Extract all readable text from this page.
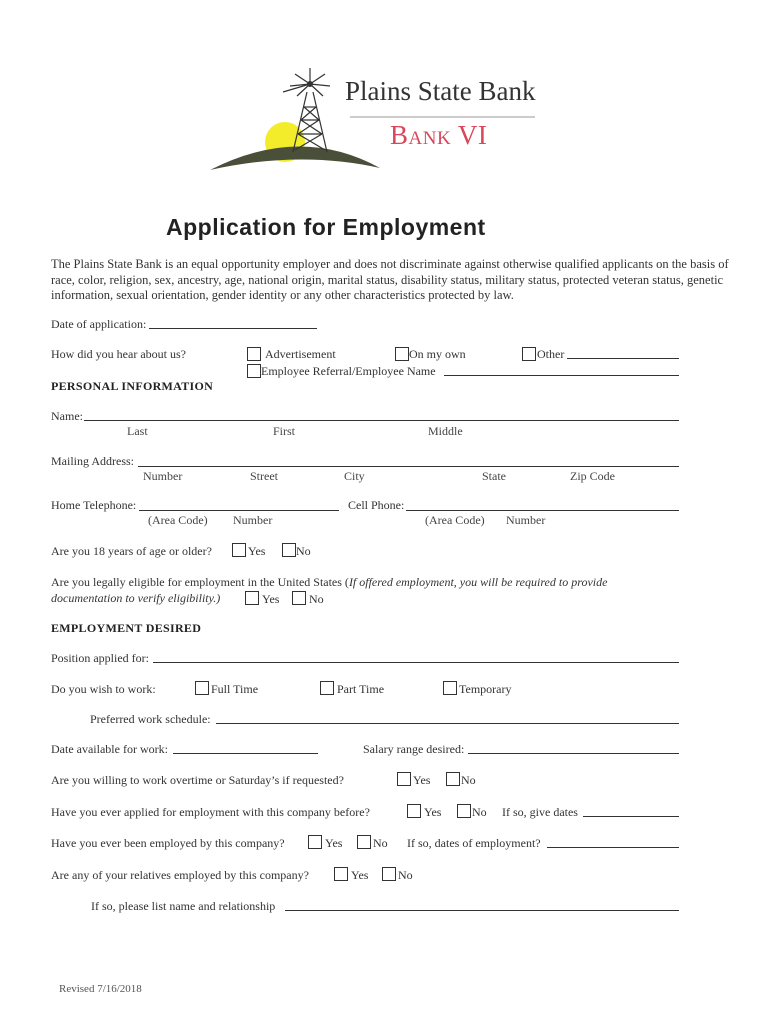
Plains State Bank
Bank VI
Application for Employment
The Plains State Bank is an equal opportunity employer and does not discriminate against otherwise qualified applicants on the basis of race, color, religion, sex, ancestry, age, national origin, marital status, disability status, military status, protected veteran status, genetic information, sexual orientation, gender identity or any other characteristics protected by law.
Date of application:
How did you hear about us?	Advertisement	On my own	Other
Employee Referral/Employee Name
PERSONAL INFORMATION
Name:
Last	First	Middle
Mailing Address:
Number	Street	City	State	Zip Code
Home Telephone:	Cell Phone:
(Area Code) Number	(Area Code) Number
Are you 18 years of age or older?	Yes	No
Are you legally eligible for employment in the United States (If offered employment, you will be required to provide
documentation to verify eligibility.)	Yes No
EMPLOYMENT DESIRED
Position applied for:
Do you wish to work:	Full Time	Part Time	Temporary
Preferred work schedule:
Date available for work:	Salary range desired:
Are you willing to work overtime or Saturday’s if requested?	Yes	No
Have you ever applied for employment with this company before?	Yes	No If so, give dates
Have you ever been employed by this company?	Yes	No If so, dates of employment?
Are any of your relatives employed by this company?	Yes No
If so, please list name and relationship
Revised 7/16/2018
